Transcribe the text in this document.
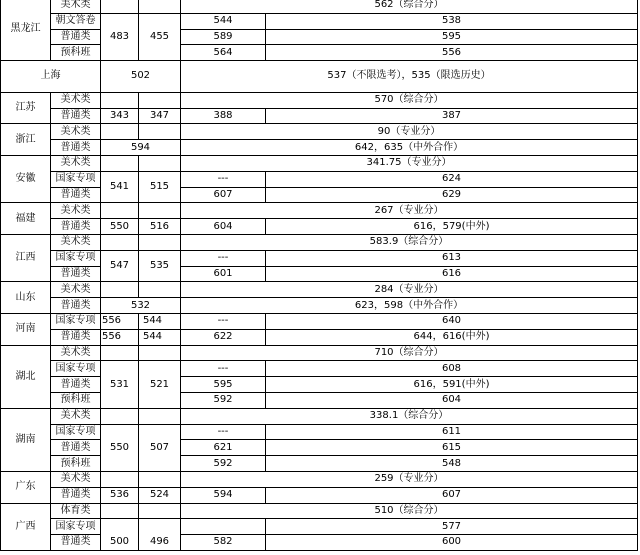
黑龙江	美术类			562（综合分）	
	朝文答卷	483	455	544	538
	普通类			589	595
	预科班			564	556
上海		502		537（不限选考），535（限选历史）	
江苏	美术类			570（综合分）	
	普通类	343	347	388	387
浙江	美术类			90（专业分）	
	普通类	594		642，635（中外合作）	
安徽	美术类			341.75（专业分）	
	国家专项	541	515	---	624
	普通类			607	629
福建	美术类			267（专业分）	
	普通类	550	516	604	616，579(中外)
江西	美术类			583.9（综合分）	
	国家专项	547	535	---	613
	普通类			601	616
山东	美术类			284（专业分）	
	普通类	532		623，598（中外合作）	
河南	国家专项	556	544	---	640
	普通类	556	544	622	644，616(中外)
湖北	美术类			710（综合分）	
	国家专项	531	521	---	608
	普通类			595	616，591(中外)
	预科班			592	604
湖南	美术类			338.1（综合分）	
	国家专项	550	507	---	611
	普通类			621	615
	预科班			592	548
广东	美术类			259（专业分）	
	普通类	536	524	594	607
广西	体育类			510（综合分）	
	国家专项	500	496		577
	普通类			582	600
